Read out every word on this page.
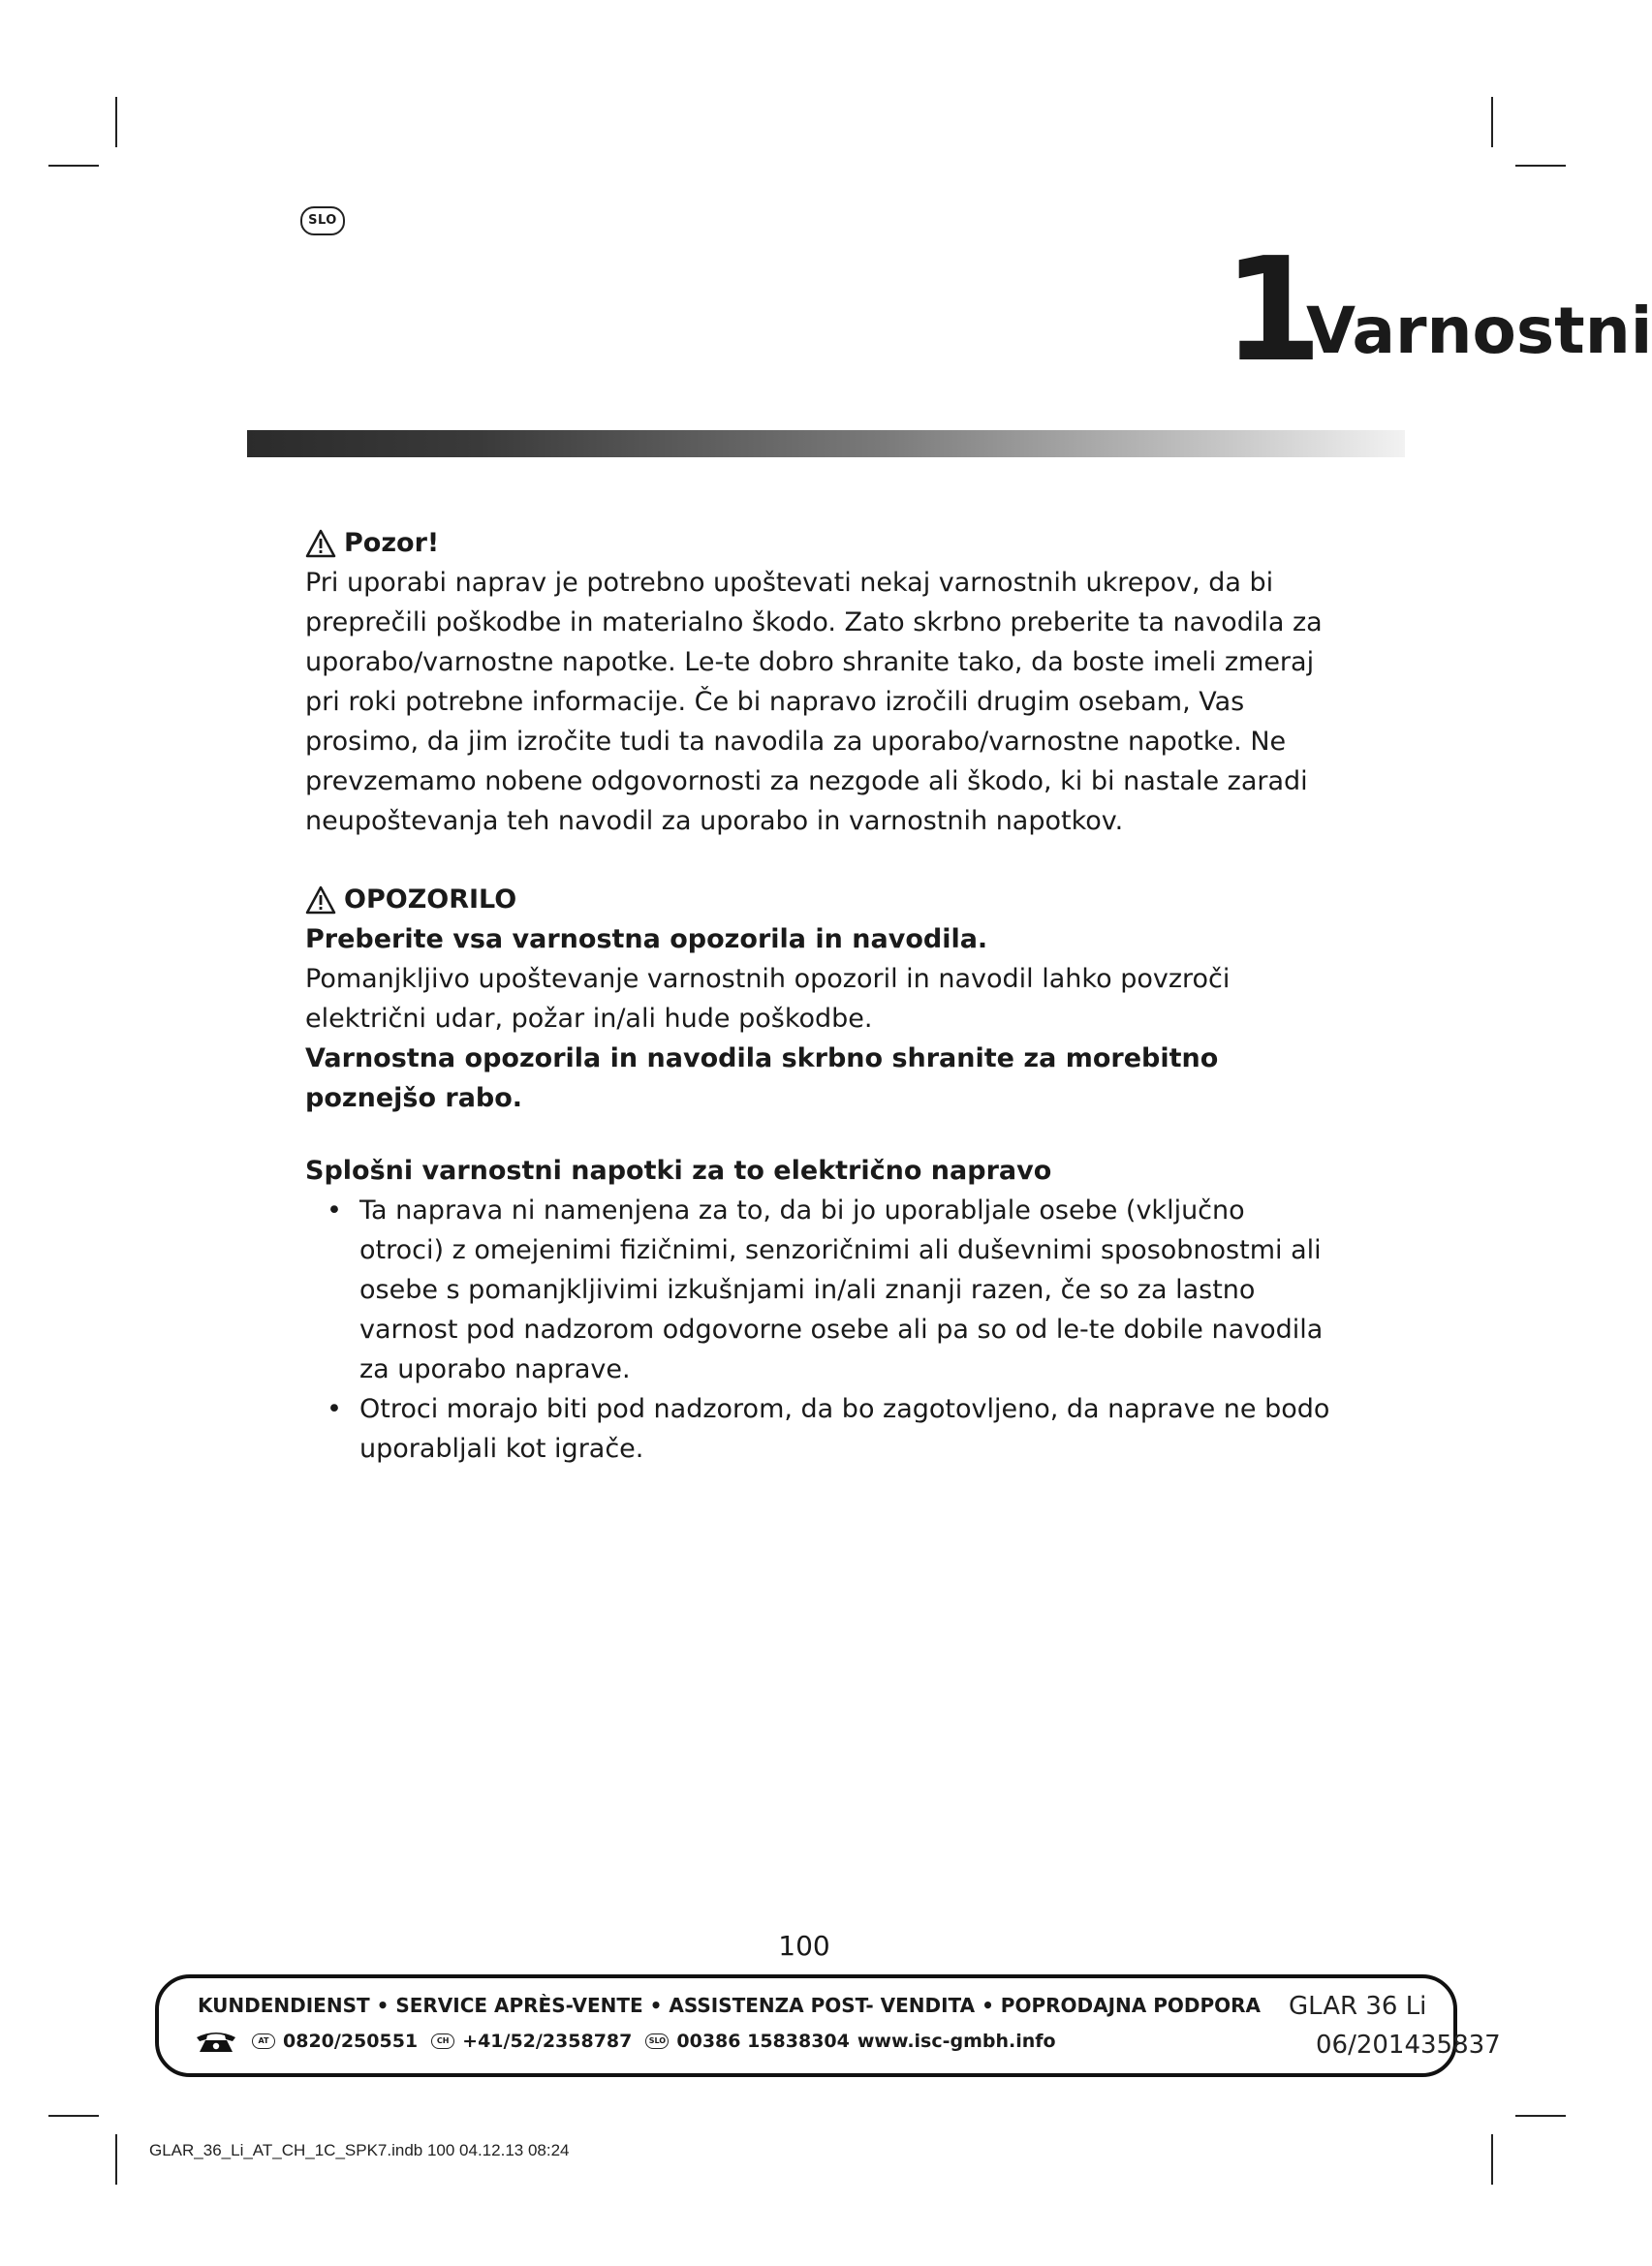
SLO
1
Varnostni
Pozor!

Pri uporabi naprav je potrebno upoštevati nekaj varnostnih ukrepov, da bi preprečili poškodbe in materialno škodo. Zato skrbno preberite ta navodila za uporabo/varnostne napotke. Le-te dobro shranite tako, da boste imeli zmeraj pri roki potrebne informacije. Če bi napravo izročili drugim osebam, Vas prosimo, da jim izročite tudi ta navodila za uporabo/varnostne napotke. Ne prevzemamo nobene odgovornosti za nezgode ali škodo, ki bi nastale zaradi neupoštevanja teh navodil za uporabo in varnostnih napotkov.

OPOZORILO

Preberite vsa varnostna opozorila in navodila.

Pomanjkljivo upoštevanje varnostnih opozoril in navodil lahko povzroči električni udar, požar in/ali hude poškodbe.

Varnostna opozorila in navodila skrbno shranite za morebitno poznejšo rabo.

Splošni varnostni napotki za to električno napravo

• Ta naprava ni namenjena za to, da bi jo uporabljale osebe (vključno otroci) z omejenimi fizičnimi, senzoričnimi ali duševnimi sposobnostmi ali osebe s pomanjkljivimi izkušnjami in/ali znanji razen, če so za lastno varnost pod nadzorom odgovorne osebe ali pa so od le-te dobile navodila za uporabo naprave.
• Otroci morajo biti pod nadzorom, da bo zagotovljeno, da naprave ne bodo uporabljali kot igrače.
100
KUNDENDIENST • SERVICE APRÈS-VENTE • ASSISTENZA POST- VENDITA • POPRODAJNA PODPORA
AT 0820/250551	CH +41/52/2358787	SLO 00386 15838304 www.isc-gmbh.info
GLAR 36 Li
06/201435837
GLAR_36_Li_AT_CH_1C_SPK7.indb 100 04.12.13 08:24
